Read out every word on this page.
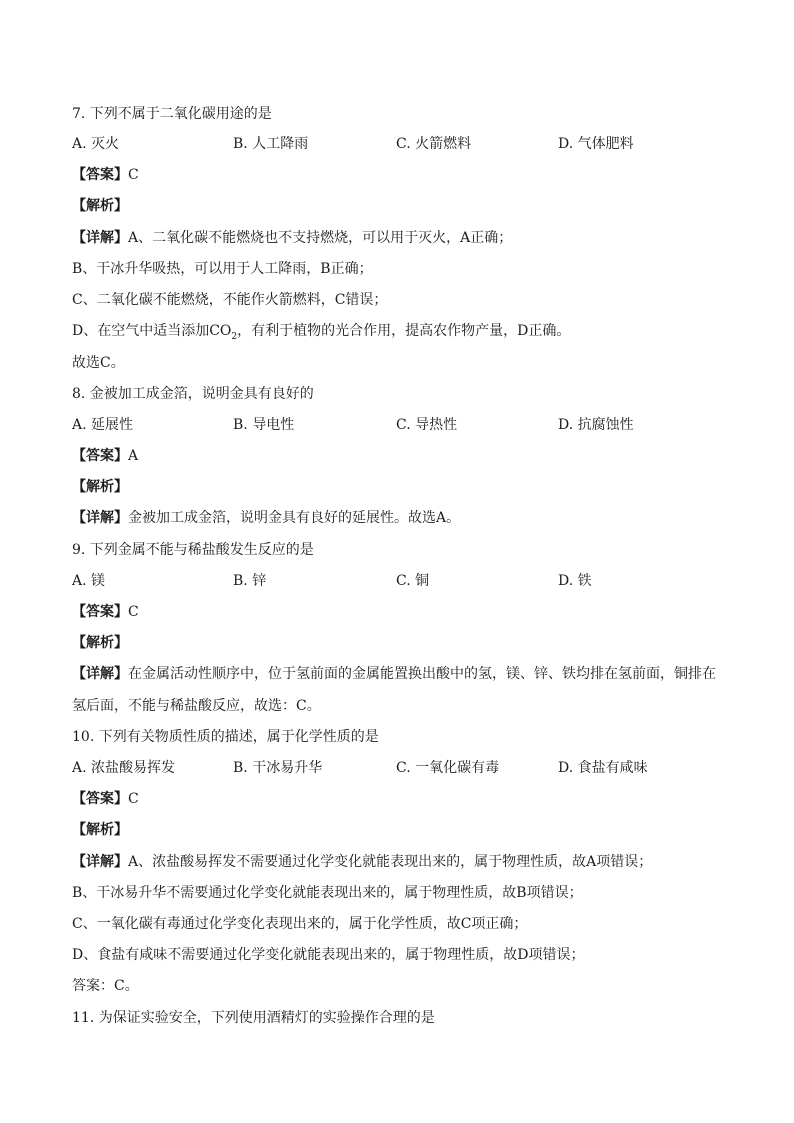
7. 下列不属于二氧化碳用途的是
A. 灭火	B. 人工降雨	C. 火箭燃料	D. 气体肥料
【答案】C
【解析】
【详解】A、二氧化碳不能燃烧也不支持燃烧，可以用于灭火，A正确；
B、干冰升华吸热，可以用于人工降雨，B正确；
C、二氧化碳不能燃烧，不能作火箭燃料，C错误；
D、在空气中适当添加$CO_2$，有利于植物的光合作用，提高农作物产量，D正确。
故选C。
8. 金被加工成金箔，说明金具有良好的
A. 延展性	B. 导电性	C. 导热性	D. 抗腐蚀性
【答案】A
【解析】
【详解】金被加工成金箔，说明金具有良好的延展性。故选A。
9. 下列金属不能与稀盐酸发生反应的是
A. 镁	B. 锌	C. 铜	D. 铁
【答案】C
【解析】
【详解】在金属活动性顺序中，位于氢前面的金属能置换出酸中的氢，镁、锌、铁均排在氢前面，铜排在
氢后面，不能与稀盐酸反应，故选：C。
10. 下列有关物质性质的描述，属于化学性质的是
A. 浓盐酸易挥发	B. 干冰易升华	C. 一氧化碳有毒	D. 食盐有咸味
【答案】C
【解析】
【详解】A、浓盐酸易挥发不需要通过化学变化就能表现出来的，属于物理性质，故A项错误；
B、干冰易升华不需要通过化学变化就能表现出来的，属于物理性质，故B项错误；
C、一氧化碳有毒通过化学变化表现出来的，属于化学性质，故C项正确；
D、食盐有咸味不需要通过化学变化就能表现出来的，属于物理性质，故D项错误；
答案：C。
11. 为保证实验安全，下列使用酒精灯的实验操作合理的是
